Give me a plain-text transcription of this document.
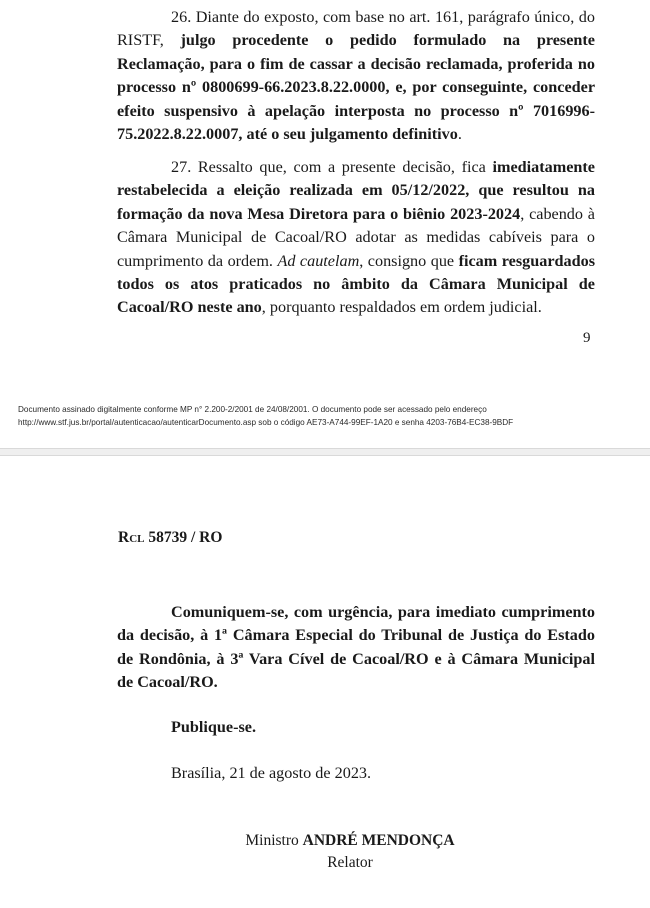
26. Diante do exposto, com base no art. 161, parágrafo único, do RISTF, julgo procedente o pedido formulado na presente Reclamação, para o fim de cassar a decisão reclamada, proferida no processo nº 0800699-66.2023.8.22.0000, e, por conseguinte, conceder efeito suspensivo à apelação interposta no processo nº 7016996-75.2022.8.22.0007, até o seu julgamento definitivo.

27. Ressalto que, com a presente decisão, fica imediatamente restabelecida a eleição realizada em 05/12/2022, que resultou na formação da nova Mesa Diretora para o biênio 2023-2024, cabendo à Câmara Municipal de Cacoal/RO adotar as medidas cabíveis para o cumprimento da ordem. Ad cautelam, consigno que ficam resguardados todos os atos praticados no âmbito da Câmara Municipal de Cacoal/RO neste ano, porquanto respaldados em ordem judicial.

9
Documento assinado digitalmente conforme MP n° 2.200-2/2001 de 24/08/2001. O documento pode ser acessado pelo endereço
http://www.stf.jus.br/portal/autenticacao/autenticarDocumento.asp sob o código AE73-A744-99EF-1A20 e senha 4203-76B4-EC38-9BDF
Rcl 58739 / RO

Comuniquem-se, com urgência, para imediato cumprimento da decisão, à 1ª Câmara Especial do Tribunal de Justiça do Estado de Rondônia, à 3ª Vara Cível de Cacoal/RO e à Câmara Municipal de Cacoal/RO.

Publique-se.
Brasília, 21 de agosto de 2023.
Ministro ANDRÉ MENDONÇA
Relator
